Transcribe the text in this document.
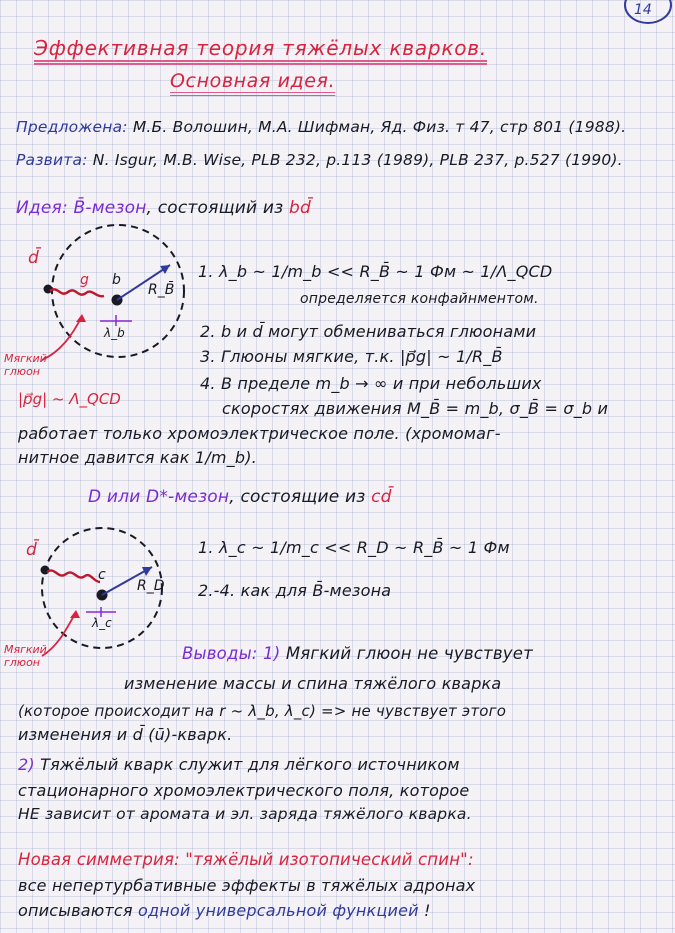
14
Эффективная теория тяжёлых кварков.
Основная идея.
Предложена: М.Б. Волошин, М.А. Шифман, Яд. Физ. т 47, стр 801 (1988).
Развита: N. Isgur, M.B. Wise, PLB 232, p.113 (1989), PLB 237, p.527 (1990).
Идея: B̄-мезон, состоящий из bd̄
d̄
g b
R_B̄
λ_b
Мягкий глюон
|p⃗g| ~ Λ_QCD
1. λ_b ~ 1/m_b << R_B̄ ~ 1 Фм ~ 1/Λ_QCD
определяется конфайнментом.
2. b и d̄ могут обмениваться глюонами
3. Глюоны мягкие, т.к. |p⃗g| ~ 1/R_B̄
4. В пределе m_b → ∞ и при небольших
скоростях движения M_B̄ = m_b, σ_B̄ = σ_b и
работает только хромоэлектрическое поле. (хромомаг-
нитное давится как 1/m_b).
D или D*-мезон, состоящие из cd̄
d̄
c
R_D
λ_c
Мягкий глюон
1. λ_c ~ 1/m_c << R_D ~ R_B̄ ~ 1 Фм
2.-4. как для B̄-мезона
Выводы: 1) Мягкий глюон не чувствует
изменение массы и спина тяжёлого кварка
(которое происходит на r ~ λ_b, λ_c) => не чувствует этого
изменения и d̄ (ū)-кварк.
2) Тяжёлый кварк служит для лёгкого источником
стационарного хромоэлектрического поля, которое
НЕ зависит от аромата и эл. заряда тяжёлого кварка.
Новая симметрия: "тяжёлый изотопический спин":
все непертурбативные эффекты в тяжёлых адронах
описываются одной универсальной функцией !
